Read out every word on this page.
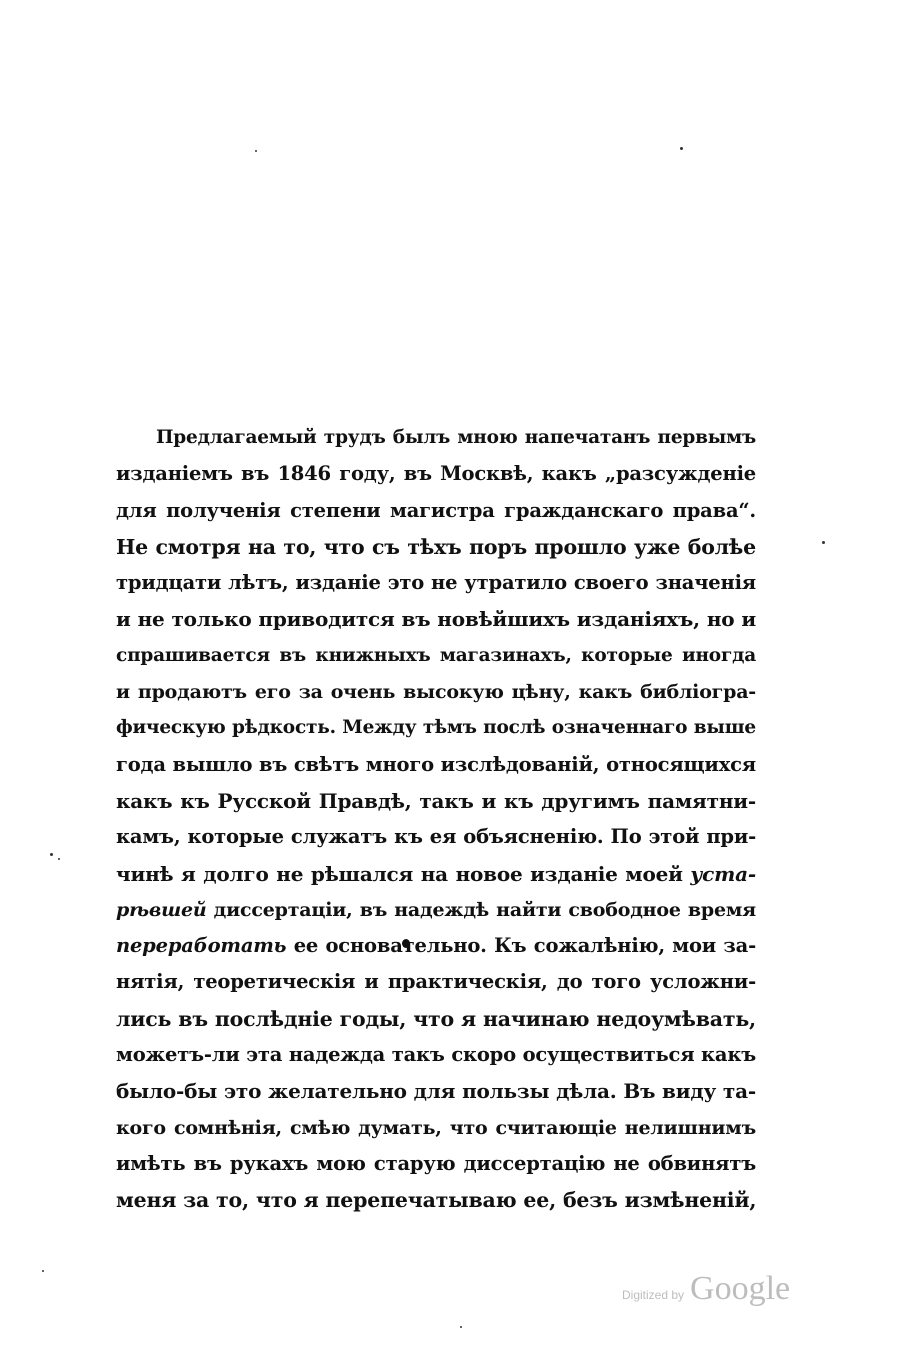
Предлагаемый трудъ былъ мною напечатанъ первымъ
изданіемъ въ 1846 году, въ Москвѣ, какъ „разсужденіе
для полученія степени магистра гражданскаго права“.
Не смотря на то, что съ тѣхъ поръ прошло уже болѣе
тридцати лѣтъ, изданіе это не утратило своего значенія
и не только приводится въ новѣйшихъ изданіяхъ, но и
спрашивается въ книжныхъ магазинахъ, которые иногда
и продаютъ его за очень высокую цѣну, какъ библіогра-
фическую рѣдкость. Между тѣмъ послѣ означеннаго выше
года вышло въ свѣтъ много изслѣдованій, относящихся
какъ къ Русской Правдѣ, такъ и къ другимъ памятни-
камъ, которые служатъ къ ея объясненію. По этой при-
чинѣ я долго не рѣшался на новое изданіе моей уста-
рѣвшей диссертаціи, въ надеждѣ найти свободное время
переработать ее основательно. Къ сожалѣнію, мои за-
нятія, теоретическія и практическія, до того усложни-
лись въ послѣдніе годы, что я начинаю недоумѣвать,
можетъ-ли эта надежда такъ скоро осуществиться какъ
было-бы это желательно для пользы дѣла. Въ виду та-
кого сомнѣнія, смѣю думать, что считающіе нелишнимъ
имѣть въ рукахъ мою старую диссертацію не обвинятъ
меня за то, что я перепечатываю ее, безъ измѣненій,
Digitized by Google
